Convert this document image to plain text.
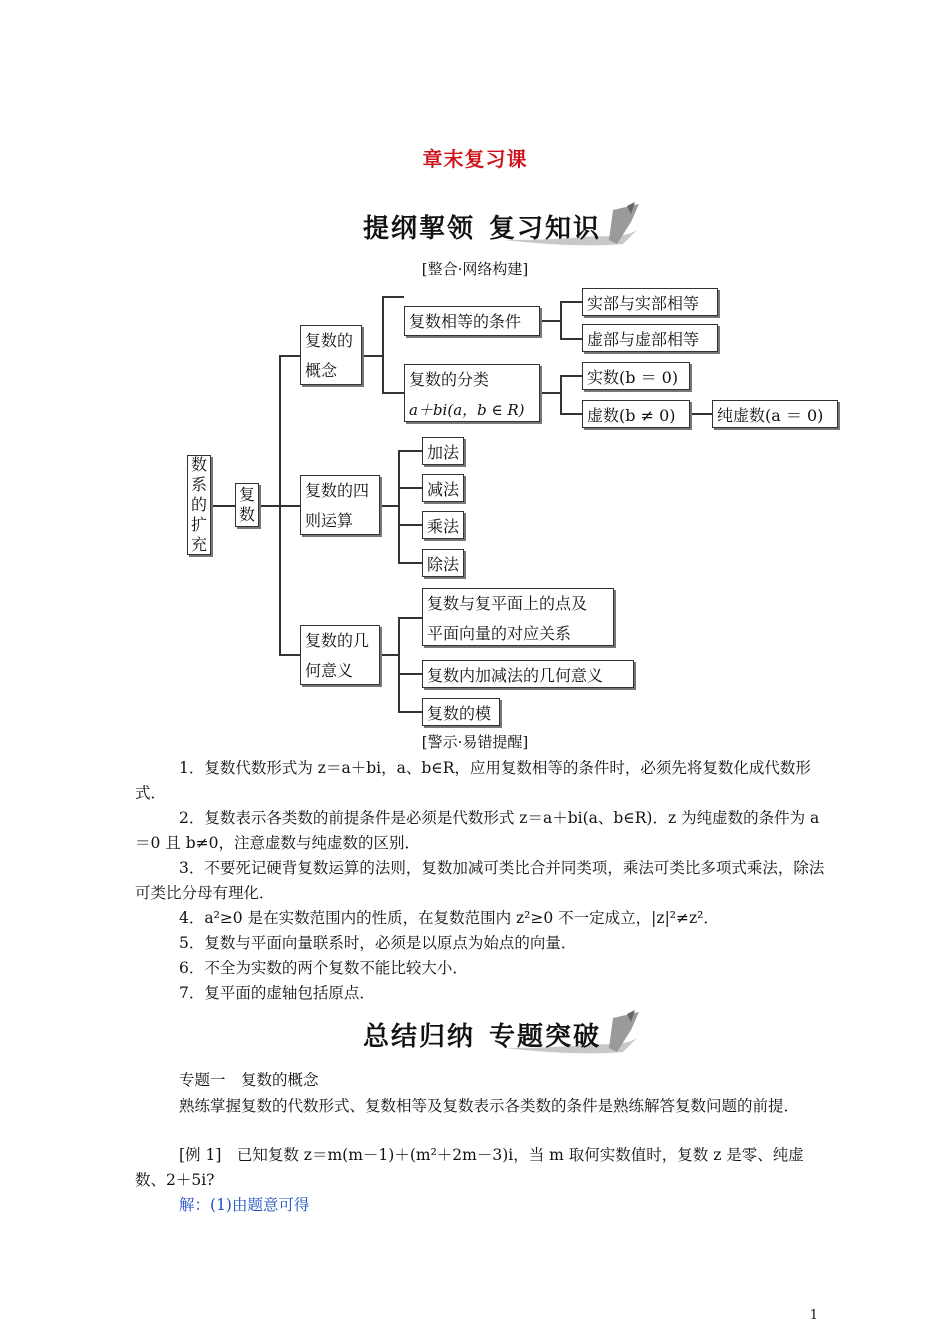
章末复习课
提纲挈领 复习知识
[整合·网络构建]
数
系
的
扩
充
复
数
复数的
概念
复数相等的条件
实部与实部相等
虚部与虚部相等
复数的分类
a＋bi(a，b ∈ R)
实数(b ＝ 0)
虚数(b ≠ 0)	纯虚数(a ＝ 0)
复数的四
则运算
加法
减法
乘法
除法
复数的几
何意义
复数与复平面上的点及
平面向量的对应关系
复数内加减法的几何意义
复数的模
[警示·易错提醒]
1．复数代数形式为 z＝a＋bi，a、b∈R，应用复数相等的条件时，必须先将复数化成代数形式．
2．复数表示各类数的前提条件是必须是代数形式 z＝a＋bi(a、b∈R)．z 为纯虚数的条件为 a＝0 且 b≠0，注意虚数与纯虚数的区别．
3．不要死记硬背复数运算的法则，复数加减可类比合并同类项，乘法可类比多项式乘法，除法可类比分母有理化．
4．a²≥0 是在实数范围内的性质，在复数范围内 z²≥0 不一定成立，|z|²≠z²．
5．复数与平面向量联系时，必须是以原点为始点的向量．
6．不全为实数的两个复数不能比较大小．
7．复平面的虚轴包括原点．
总结归纳 专题突破
专题一　复数的概念
熟练掌握复数的代数形式、复数相等及复数表示各类数的条件是熟练解答复数问题的前提．
[例 1]　已知复数 z＝m(m－1)＋(m²＋2m－3)i，当 m 取何实数值时，复数 z 是零、纯虚数、2＋5i?
解：(1)由题意可得
1
